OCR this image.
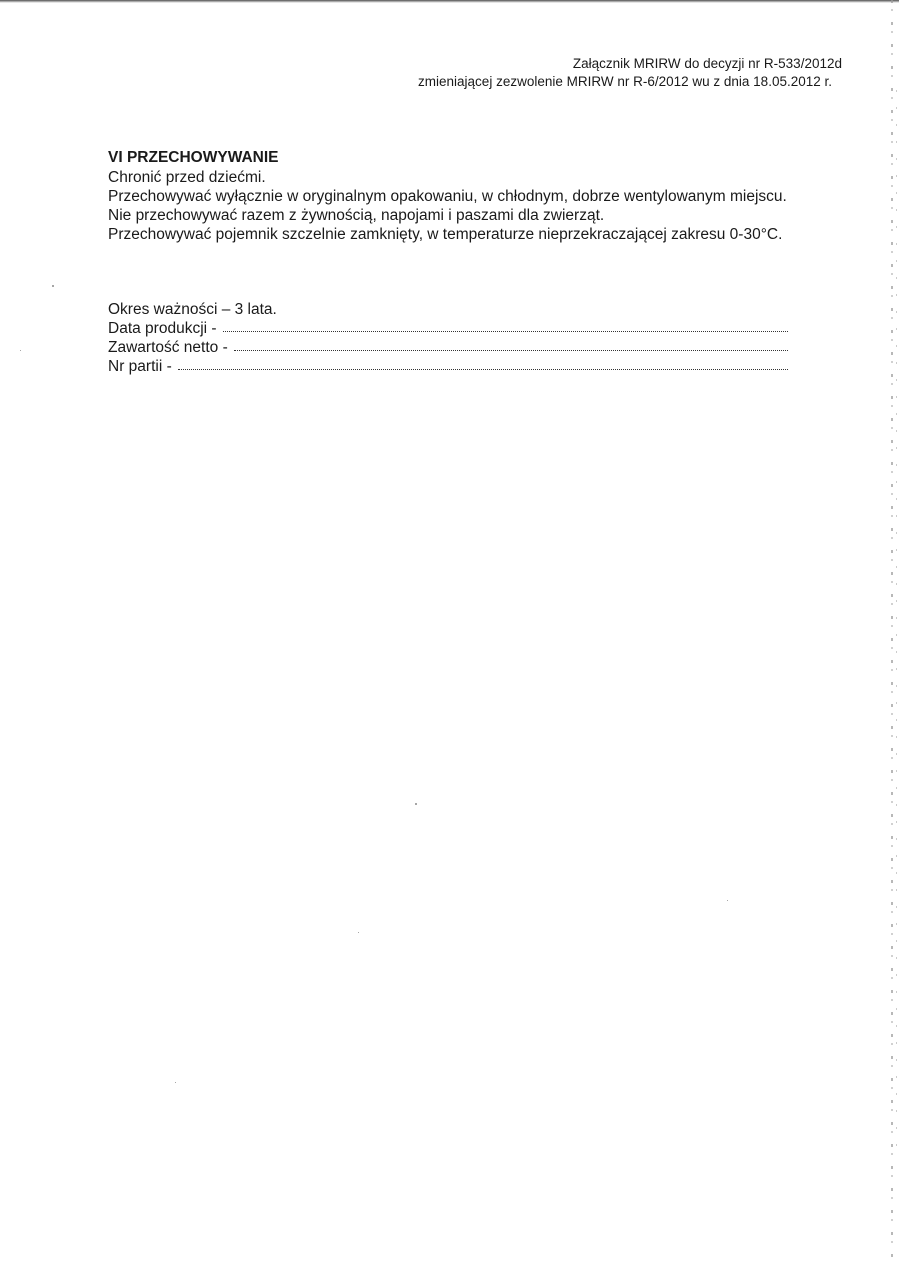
Załącznik MRIRW do decyzji nr R-533/2012d
zmieniającej zezwolenie MRIRW nr R-6/2012 wu z dnia 18.05.2012 r.
VI PRZECHOWYWANIE

Chronić przed dziećmi.

Przechowywać wyłącznie w oryginalnym opakowaniu, w chłodnym, dobrze wentylowanym miejscu.

Nie przechowywać razem z żywnością, napojami i paszami dla zwierząt.

Przechowywać pojemnik szczelnie zamknięty, w temperaturze nieprzekraczającej zakresu 0-30°C.

Okres ważności – 3 lata.

Data produkcji -
Zawartość netto -
Nr partii -
